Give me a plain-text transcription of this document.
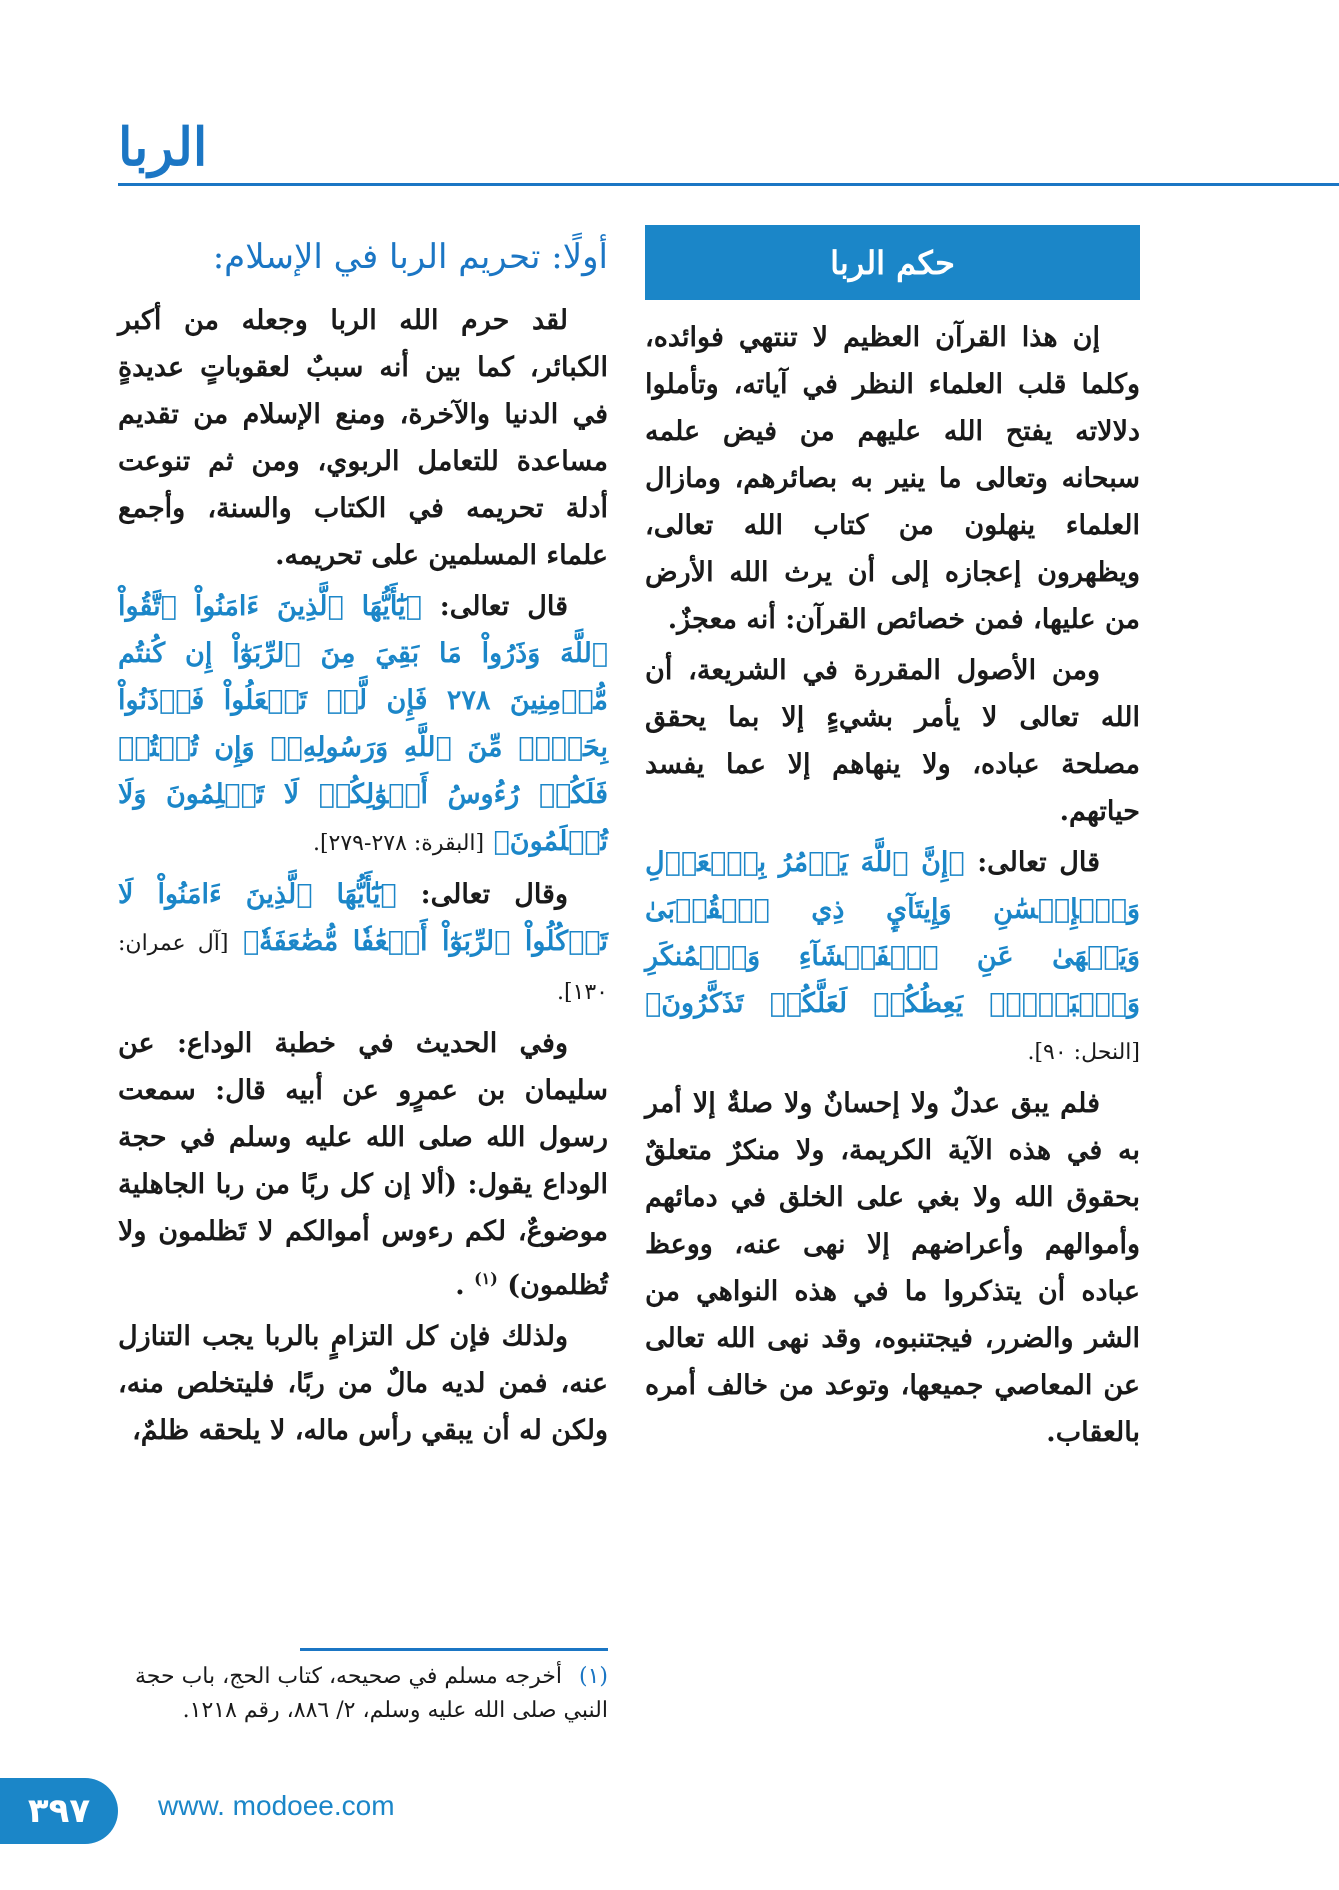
الربا
حكم الربا

إن هذا القرآن العظيم لا تنتهي فوائده، وكلما قلب العلماء النظر في آياته، وتأملوا دلالاته يفتح الله عليهم من فيض علمه سبحانه وتعالى ما ينير به بصائرهم، ومازال العلماء ينهلون من كتاب الله تعالى، ويظهرون إعجازه إلى أن يرث الله الأرض من عليها، فمن خصائص القرآن: أنه معجزٌ.

ومن الأصول المقررة في الشريعة، أن الله تعالى لا يأمر بشيءٍ إلا بما يحقق مصلحة عباده، ولا ينهاهم إلا عما يفسد حياتهم.

قال تعالى: ﴿إِنَّ ٱللَّهَ يَأۡمُرُ بِٱلۡعَدۡلِ وَٱلۡإِحۡسَٰنِ وَإِيتَآيِٕ ذِي ٱلۡقُرۡبَىٰ وَيَنۡهَىٰ عَنِ ٱلۡفَحۡشَآءِ وَٱلۡمُنكَرِ وَٱلۡبَغۡيِۚ يَعِظُكُمۡ لَعَلَّكُمۡ تَذَكَّرُونَ﴾ [النحل: ٩٠].

فلم يبق عدلٌ ولا إحسانٌ ولا صلةٌ إلا أمر به في هذه الآية الكريمة، ولا منكرٌ متعلقٌ بحقوق الله ولا بغي على الخلق في دمائهم وأموالهم وأعراضهم إلا نهى عنه، ووعظ عباده أن يتذكروا ما في هذه النواهي من الشر والضرر، فيجتنبوه، وقد نهى الله تعالى عن المعاصي جميعها، وتوعد من خالف أمره بالعقاب.

أولًا: تحريم الربا في الإسلام:

لقد حرم الله الربا وجعله من أكبر الكبائر، كما بين أنه سببٌ لعقوباتٍ عديدةٍ في الدنيا والآخرة، ومنع الإسلام من تقديم مساعدة للتعامل الربوي، ومن ثم تنوعت أدلة تحريمه في الكتاب والسنة، وأجمع علماء المسلمين على تحريمه.

قال تعالى: ﴿يَٰٓأَيُّهَا ٱلَّذِينَ ءَامَنُواْ ٱتَّقُواْ ٱللَّهَ وَذَرُواْ مَا بَقِيَ مِنَ ٱلرِّبَوٰٓاْ إِن كُنتُم مُّؤۡمِنِينَ ٢٧٨ فَإِن لَّمۡ تَفۡعَلُواْ فَأۡذَنُواْ بِحَرۡبٖ مِّنَ ٱللَّهِ وَرَسُولِهِۦۖ وَإِن تُبۡتُمۡ فَلَكُمۡ رُءُوسُ أَمۡوَٰلِكُمۡ لَا تَظۡلِمُونَ وَلَا تُظۡلَمُونَ﴾ [البقرة: ٢٧٨-٢٧٩].

وقال تعالى: ﴿يَٰٓأَيُّهَا ٱلَّذِينَ ءَامَنُواْ لَا تَأۡكُلُواْ ٱلرِّبَوٰٓاْ أَضۡعَٰفٗا مُّضَٰعَفَةٗ﴾ [آل عمران: ١٣٠].

وفي الحديث في خطبة الوداع: عن سليمان بن عمرٍو عن أبيه قال: سمعت رسول الله صلى الله عليه وسلم في حجة الوداع يقول: (ألا إن كل ربًا من ربا الجاهلية موضوعٌ، لكم رءوس أموالكم لا تَظلمون ولا تُظلمون) $^{(١)}$ .

ولذلك فإن كل التزامٍ بالربا يجب التنازل عنه، فمن لديه مالٌ من ربًا، فليتخلص منه، ولكن له أن يبقي رأس ماله، لا يلحقه ظلمٌ،

(١) أخرجه مسلم في صحيحه، كتاب الحج، باب حجة النبي صلى الله عليه وسلم، ٢/ ٨٨٦، رقم ١٢١٨.
٣٩٧ www. modoee.com
